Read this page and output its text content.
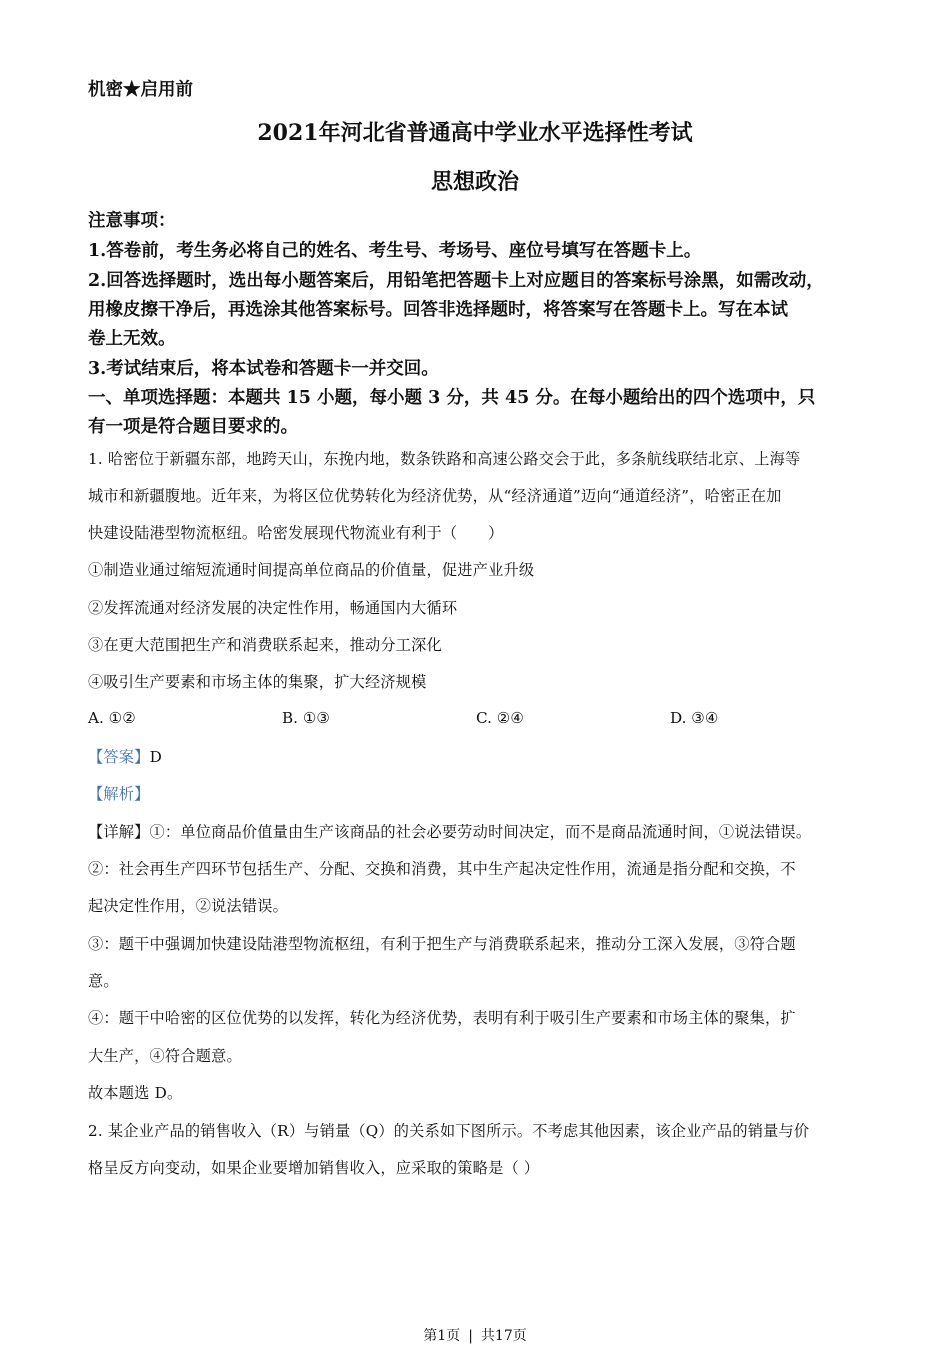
机密★启用前
2021年河北省普通高中学业水平选择性考试
思想政治
注意事项：
1.答卷前，考生务必将自己的姓名、考生号、考场号、座位号填写在答题卡上。
2.回答选择题时，选出每小题答案后，用铅笔把答题卡上对应题目的答案标号涂黑，如需改动，
用橡皮擦干净后，再选涂其他答案标号。回答非选择题时，将答案写在答题卡上。写在本试
卷上无效。
3.考试结束后，将本试卷和答题卡一并交回。
一、单项选择题：本题共 15 小题，每小题 3 分，共 45 分。在每小题给出的四个选项中，只
有一项是符合题目要求的。
1. 哈密位于新疆东部，地跨天山，东挽内地，数条铁路和高速公路交会于此，多条航线联结北京、上海等
城市和新疆腹地。近年来，为将区位优势转化为经济优势，从“经济通道”迈向“通道经济”，哈密正在加
快建设陆港型物流枢纽。哈密发展现代物流业有利于（　　）
①制造业通过缩短流通时间提高单位商品的价值量，促进产业升级
②发挥流通对经济发展的决定性作用，畅通国内大循环
③在更大范围把生产和消费联系起来，推动分工深化
④吸引生产要素和市场主体的集聚，扩大经济规模
A. ①②	B. ①③	C. ②④	D. ③④
【答案】D
【解析】
【详解】①：单位商品价值量由生产该商品的社会必要劳动时间决定，而不是商品流通时间，①说法错误。
②：社会再生产四环节包括生产、分配、交换和消费，其中生产起决定性作用，流通是指分配和交换，不
起决定性作用，②说法错误。
③：题干中强调加快建设陆港型物流枢纽，有利于把生产与消费联系起来，推动分工深入发展，③符合题
意。
④：题干中哈密的区位优势的以发挥，转化为经济优势，表明有利于吸引生产要素和市场主体的聚集，扩
大生产，④符合题意。
故本题选 D。
2. 某企业产品的销售收入（R）与销量（Q）的关系如下图所示。不考虑其他因素，该企业产品的销量与价
格呈反方向变动，如果企业要增加销售收入，应采取的策略是（ ）
第1页 | 共17页
